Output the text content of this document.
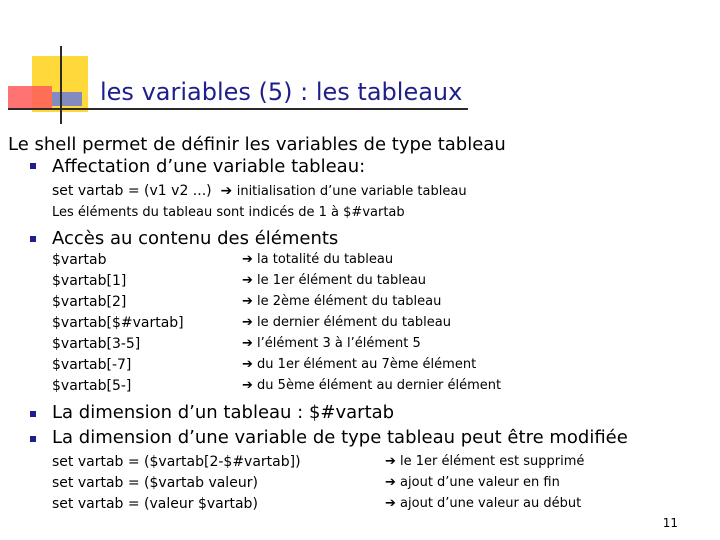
les variables (5) : les tableaux
Le shell permet de définir les variables de type tableau
Affectation d’une variable tableau:
set vartab = (v1 v2 ...) ➔ initialisation d’une variable tableau
Les éléments du tableau sont indicés de 1 à $#vartab
Accès au contenu des éléments
$vartab	➔ la totalité du tableau
$vartab[1]	➔ le 1er élément du tableau
$vartab[2]	➔ le 2ème élément du tableau
$vartab[$#vartab]	➔ le dernier élément du tableau
$vartab[3-5]	➔ l’élément 3 à l’élément 5
$vartab[-7]	➔ du 1er élément au 7ème élément
$vartab[5-]	➔ du 5ème élément au dernier élément
La dimension d’un tableau : $#vartab
La dimension d’une variable de type tableau peut être modifiée
set vartab = ($vartab[2-$#vartab])	➔ le 1er élément est supprimé
set vartab = ($vartab valeur)	➔ ajout d’une valeur en fin
set vartab = (valeur $vartab)	➔ ajout d’une valeur au début
11
